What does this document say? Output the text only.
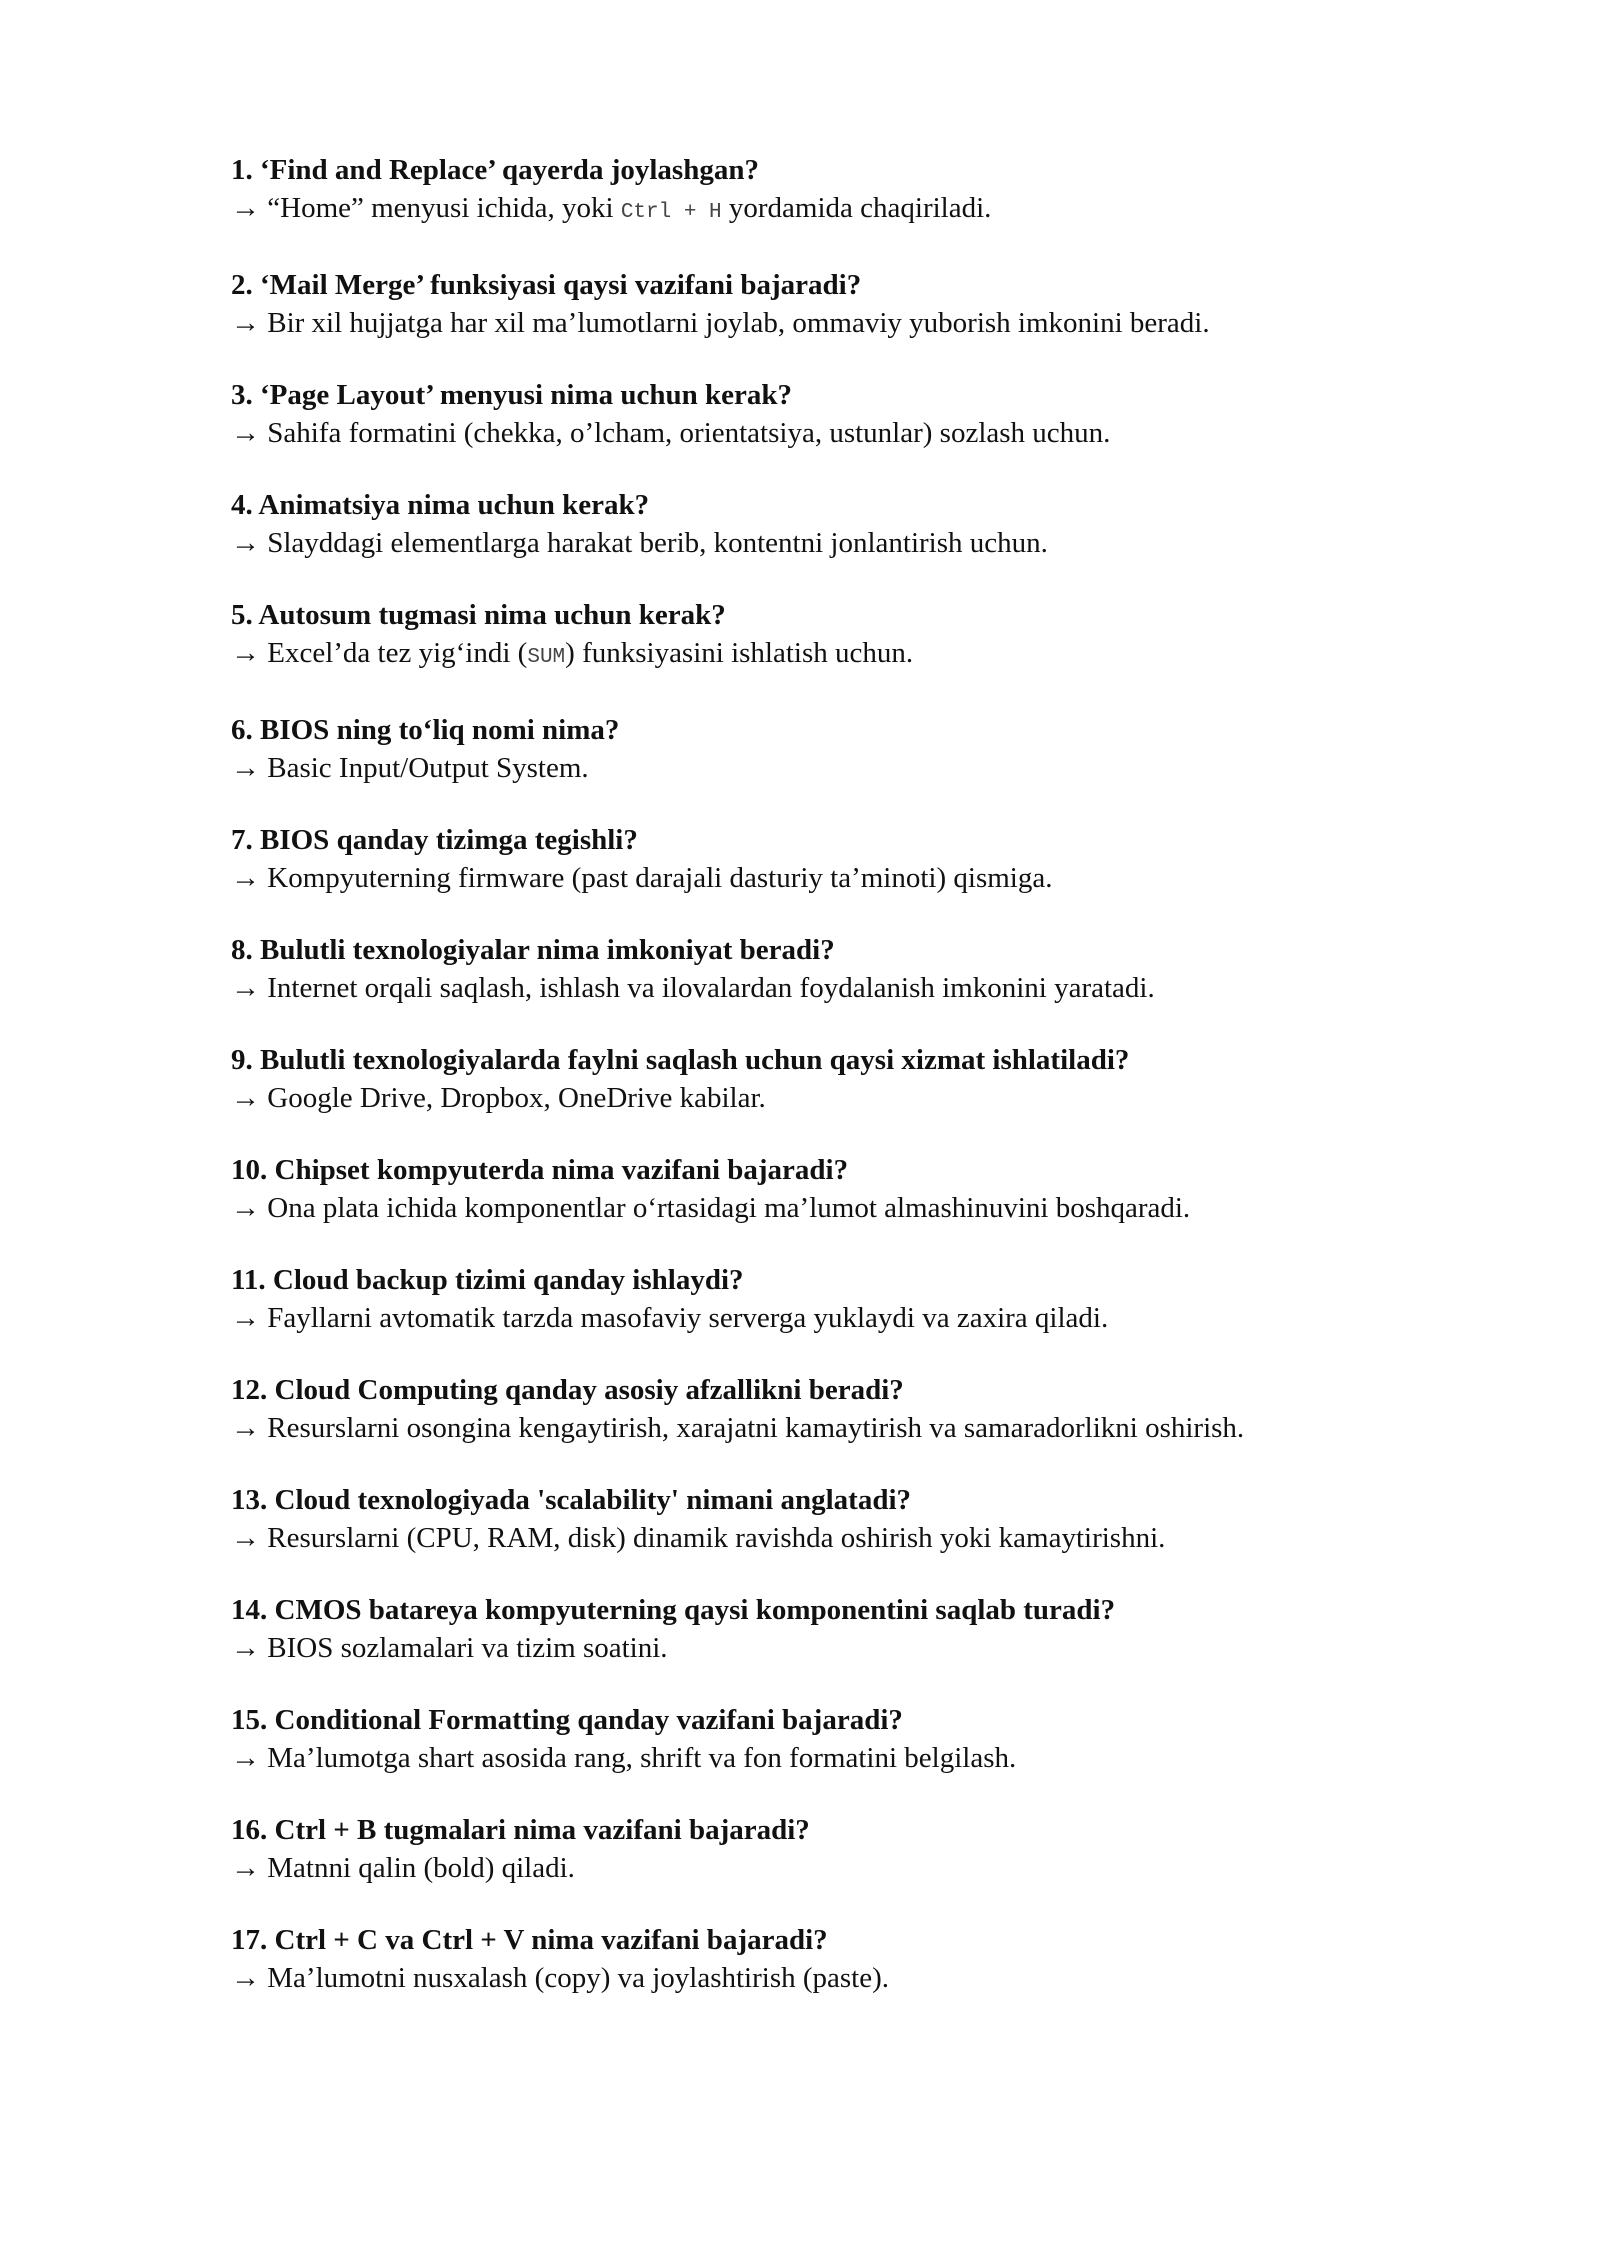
1. ‘Find and Replace’ qayerda joylashgan?

→ “Home” menyusi ichida, yoki Ctrl + H yordamida chaqiriladi.

2. ‘Mail Merge’ funksiyasi qaysi vazifani bajaradi?

→ Bir xil hujjatga har xil ma’lumotlarni joylab, ommaviy yuborish imkonini beradi.

3. ‘Page Layout’ menyusi nima uchun kerak?

→ Sahifa formatini (chekka, o’lcham, orientatsiya, ustunlar) sozlash uchun.

4. Animatsiya nima uchun kerak?

→ Slayddagi elementlarga harakat berib, kontentni jonlantirish uchun.

5. Autosum tugmasi nima uchun kerak?

→ Excel’da tez yig‘indi (SUM) funksiyasini ishlatish uchun.

6. BIOS ning to‘liq nomi nima?

→ Basic Input/Output System.

7. BIOS qanday tizimga tegishli?

→ Kompyuterning firmware (past darajali dasturiy ta’minoti) qismiga.

8. Bulutli texnologiyalar nima imkoniyat beradi?

→ Internet orqali saqlash, ishlash va ilovalardan foydalanish imkonini yaratadi.

9. Bulutli texnologiyalarda faylni saqlash uchun qaysi xizmat ishlatiladi?

→ Google Drive, Dropbox, OneDrive kabilar.

10. Chipset kompyuterda nima vazifani bajaradi?

→ Ona plata ichida komponentlar o‘rtasidagi ma’lumot almashinuvini boshqaradi.

11. Cloud backup tizimi qanday ishlaydi?

→ Fayllarni avtomatik tarzda masofaviy serverga yuklaydi va zaxira qiladi.

12. Cloud Computing qanday asosiy afzallikni beradi?

→ Resurslarni osongina kengaytirish, xarajatni kamaytirish va samaradorlikni oshirish.

13. Cloud texnologiyada 'scalability' nimani anglatadi?

→ Resurslarni (CPU, RAM, disk) dinamik ravishda oshirish yoki kamaytirishni.

14. CMOS batareya kompyuterning qaysi komponentini saqlab turadi?

→ BIOS sozlamalari va tizim soatini.

15. Conditional Formatting qanday vazifani bajaradi?

→ Ma’lumotga shart asosida rang, shrift va fon formatini belgilash.

16. Ctrl + B tugmalari nima vazifani bajaradi?

→ Matnni qalin (bold) qiladi.

17. Ctrl + C va Ctrl + V nima vazifani bajaradi?

→ Ma’lumotni nusxalash (copy) va joylashtirish (paste).
